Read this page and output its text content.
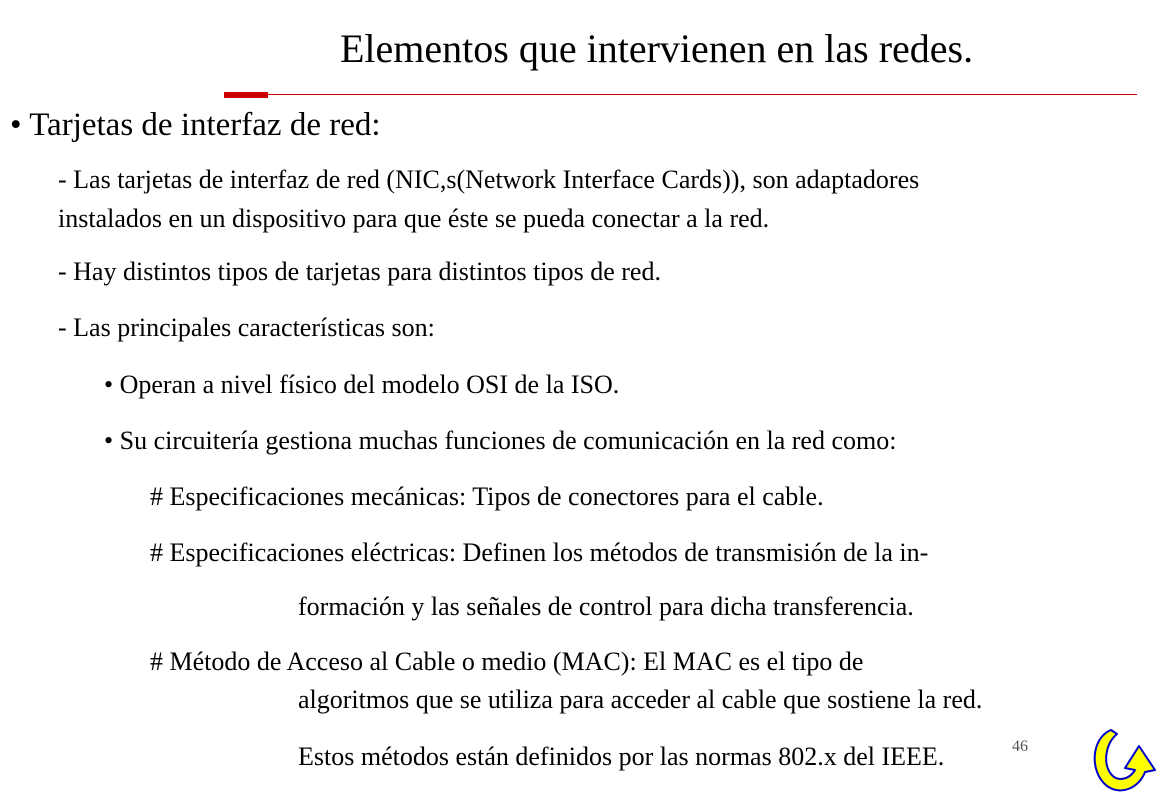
Elementos que intervienen en las redes.
• Tarjetas de interfaz de red:
- Las tarjetas de interfaz de red (NIC,s(Network Interface Cards)), son adaptadores
instalados en un dispositivo para que éste se pueda conectar a la red.
- Hay distintos tipos de tarjetas para distintos tipos de red.
- Las principales características son:
• Operan a nivel físico del modelo OSI de la ISO.
• Su circuitería gestiona muchas funciones de comunicación en la red como:
# Especificaciones mecánicas: Tipos de conectores para el cable.
# Especificaciones eléctricas: Definen los métodos de transmisión de la in-
formación y las señales de control para dicha transferencia.
# Método de Acceso al Cable o medio (MAC): El MAC es el tipo de
algoritmos que se utiliza para acceder al cable que sostiene la red.
Estos métodos están definidos por las normas 802.x del IEEE.	46
